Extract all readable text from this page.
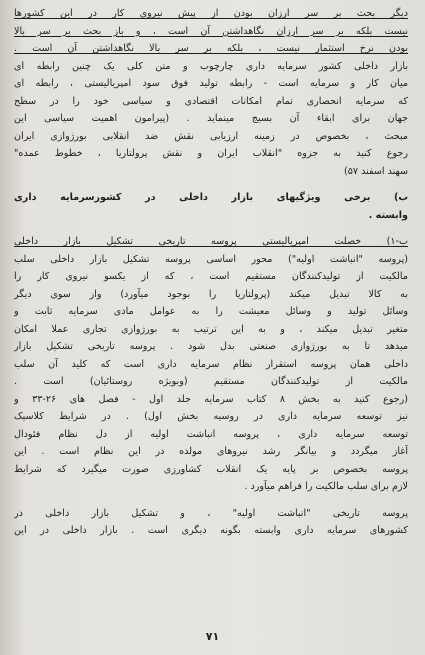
دیگر بحث بر سر ارزان بودن از پیش نیروی کار در این کشورها
نیست بلکه بر سر ارزان نگاهداشتن آن است ، و باز بحث بر سر بالا
بودن نرخ استثمار نیست ، بلکه بر سر بالا نگاهداشتن آن است .
بازار داخلی کشور سرمایه داری چارچوب و متن کلی یک چنین رابطه ای
میان کار و سرمایه است - رابطه تولید فوق سود امپریالیستی ، رابطه ای
که سرمایه انحصاری تمام امکانات اقتصادی و سیاسی خود را در سطح
جهان برای ابقاء آن بسیج مینماید . (پیرامون اهمیت سیاسی این
مبحث ، بخصوص در زمینه ارزیابی نقش ضد انقلابی بورژوازی ایران
رجوع کنید به جزوه "انقلاب ایران و نقش پرولتاریا ، خطوط عمده"
سهند اسفند ۵۷)
ب) برخی ویژگیهای بازار داخلی در کشورسرمایه داری
وابسته .
ب-۱) خصلت امپریالیستی پروسه تاریخی تشکیل بازار داخلی
(پروسه "انباشت اولیه") محور اساسی پروسه تشکیل بازار داخلی سلب
مالکیت از تولیدکنندگان مستقیم است ، که از یکسو نیروی کار را
به کالا تبدیل میکند (پرولتاریا را بوجود میآورد) واز سوی دیگر
وسائل تولید و وسائل معیشت را به عوامل مادی سرمایه ثابت و
متغیر تبدیل میکند ، و به این ترتیب به بورژوازی تجاری عملا امکان
میدهد تا به بورژوازی صنعتی بدل شود . پروسه تاریخی تشکیل بازار
داخلی همان پروسه استقرار نظام سرمایه داری است که کلید آن سلب
مالکیت از تولیدکنندگان مستقیم (وبویژه روستائیان) است .
(رجوع کنید به بخش ۸ کتاب سرمایه جلد اول - فصل های ۲۶-۳۳ و
نیز توسعه سرمایه داری در روسیه بخش اول) . در شرایط کلاسیک
توسعه سرمایه داری ، پروسه انباشت اولیه از دل نظام فئودال
آغاز میگردد و بیانگر رشد نیروهای مولده در این نظام است . این
پروسه بخصوص بر پایه یک انقلاب کشاورزی صورت میگیرد که شرایط
لازم برای سلب مالکیت را فراهم میآورد .
پروسه تاریخی "انباشت اولیه" ، و تشکیل بازار داخلی در
کشورهای سرمایه داری وابسته بگونه دیگری است . بازار داخلی در این
۷۱
